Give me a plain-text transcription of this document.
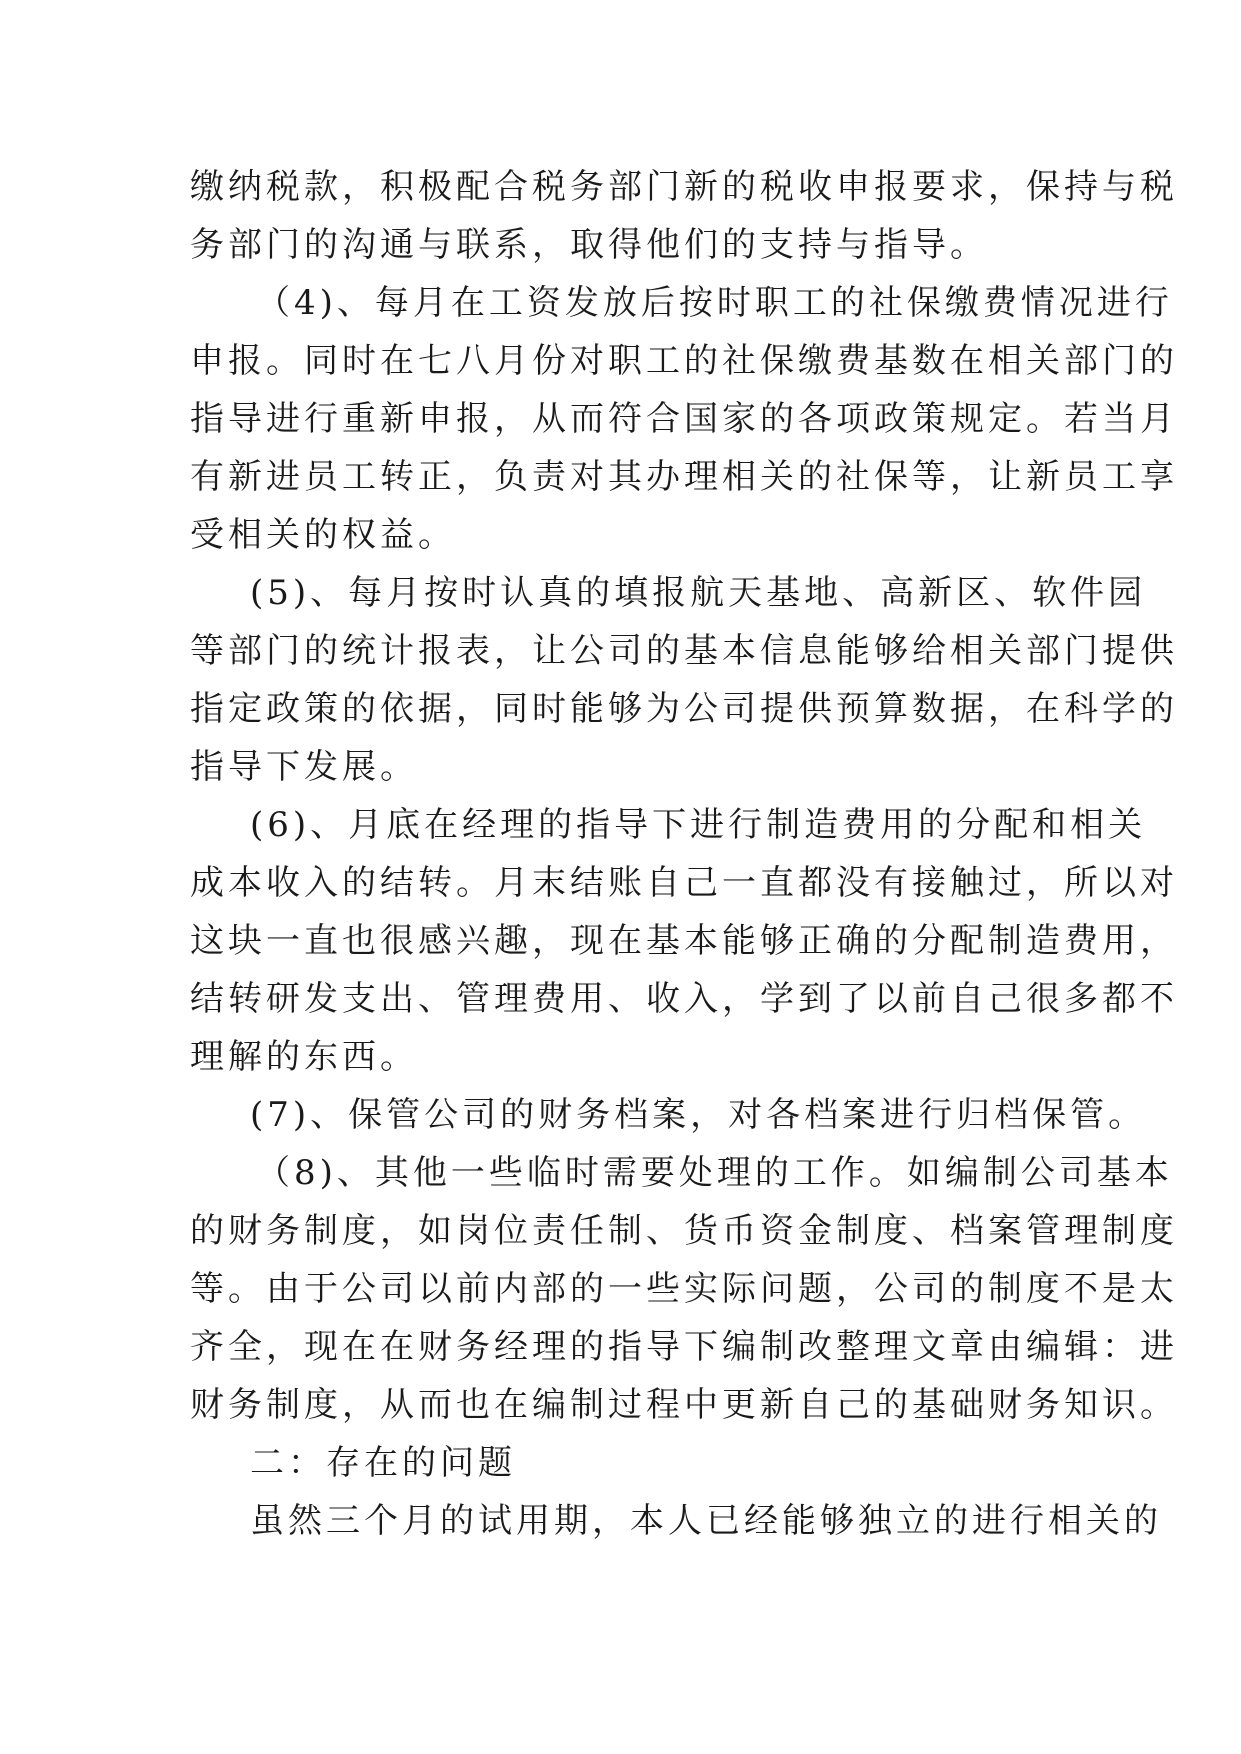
缴纳税款，积极配合税务部门新的税收申报要求，保持与税
务部门的沟通与联系，取得他们的支持与指导。
（4)、每月在工资发放后按时职工的社保缴费情况进行
申报。同时在七八月份对职工的社保缴费基数在相关部门的
指导进行重新申报，从而符合国家的各项政策规定。若当月
有新进员工转正，负责对其办理相关的社保等，让新员工享
受相关的权益。
(5)、每月按时认真的填报航天基地、高新区、软件园
等部门的统计报表，让公司的基本信息能够给相关部门提供
指定政策的依据，同时能够为公司提供预算数据，在科学的
指导下发展。
(6)、月底在经理的指导下进行制造费用的分配和相关
成本收入的结转。月末结账自己一直都没有接触过，所以对
这块一直也很感兴趣，现在基本能够正确的分配制造费用，
结转研发支出、管理费用、收入，学到了以前自己很多都不
理解的东西。
(7)、保管公司的财务档案，对各档案进行归档保管。
（8)、其他一些临时需要处理的工作。如编制公司基本
的财务制度，如岗位责任制、货币资金制度、档案管理制度
等。由于公司以前内部的一些实际问题，公司的制度不是太
齐全，现在在财务经理的指导下编制改整理文章由编辑：进
财务制度，从而也在编制过程中更新自己的基础财务知识。
二：存在的问题
虽然三个月的试用期，本人已经能够独立的进行相关的
